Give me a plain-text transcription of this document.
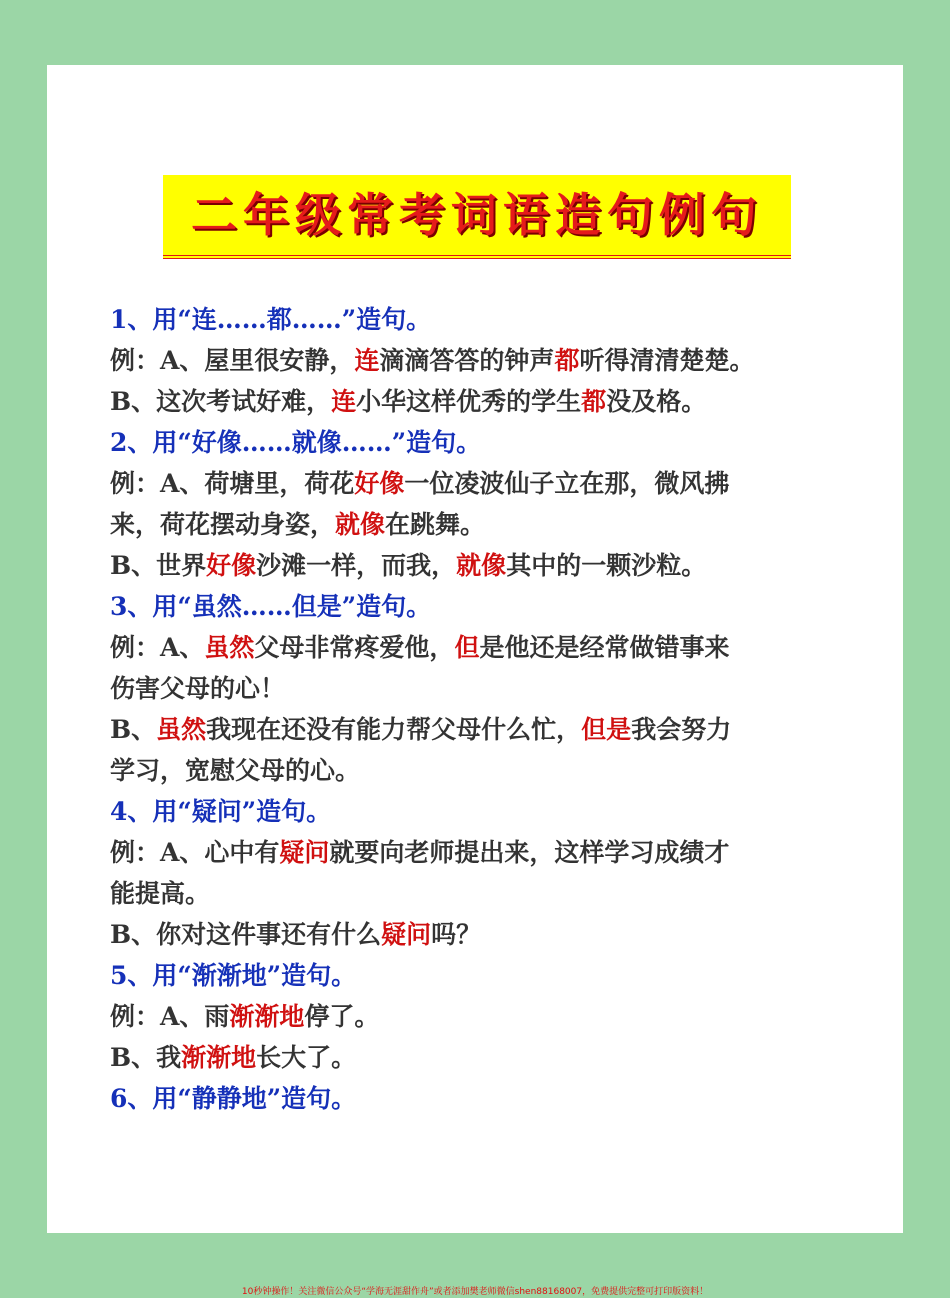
二年级常考词语造句例句
1、用“连……都……”造句。
例：A、屋里很安静，连滴滴答答的钟声都听得清清楚楚。
B、这次考试好难，连小华这样优秀的学生都没及格。
2、用“好像……就像……”造句。
例：A、荷塘里，荷花好像一位凌波仙子立在那，微风拂
来，荷花摆动身姿，就像在跳舞。
B、世界好像沙滩一样，而我，就像其中的一颗沙粒。
3、用“虽然……但是”造句。
例：A、虽然父母非常疼爱他，但是他还是经常做错事来
伤害父母的心！
B、虽然我现在还没有能力帮父母什么忙，但是我会努力
学习，宽慰父母的心。
4、用“疑问”造句。
例：A、心中有疑问就要向老师提出来，这样学习成绩才
能提高。
B、你对这件事还有什么疑问吗？
5、用“渐渐地”造句。
例：A、雨渐渐地停了。
B、我渐渐地长大了。
6、用“静静地”造句。
10秒钟操作！关注微信公众号“学海无涯甜作舟”或者添加樊老师微信shen88168007，免费提供完整可打印版资料！
